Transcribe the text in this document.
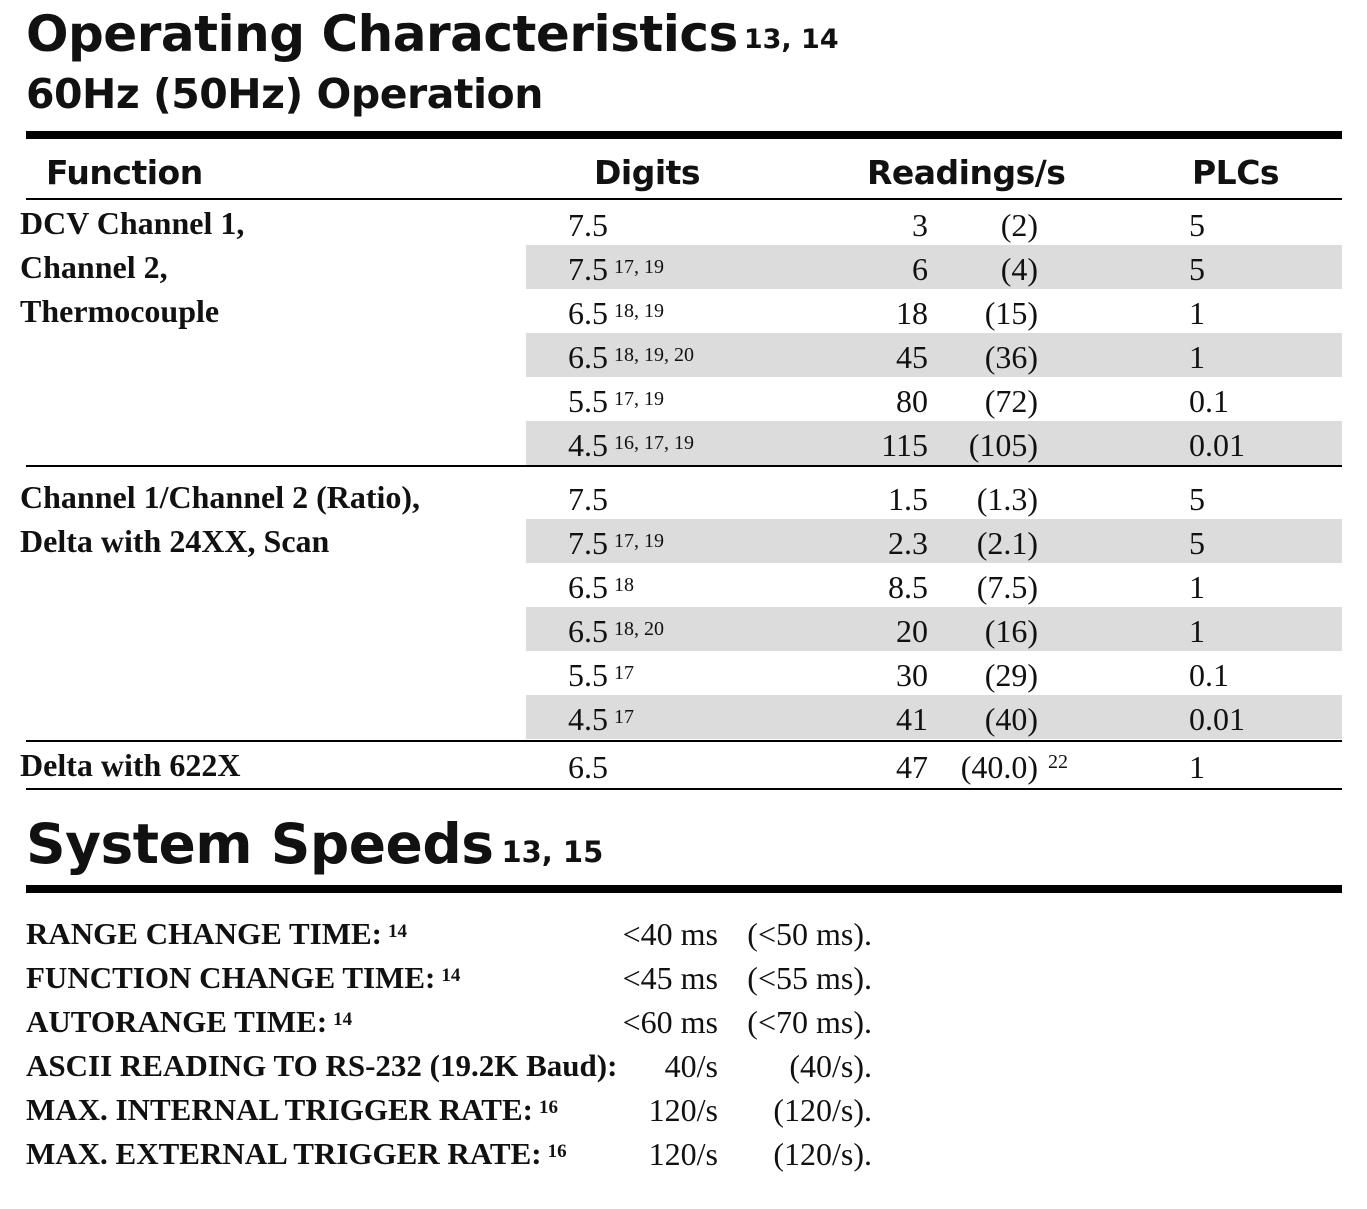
Operating Characteristics $^{13, 14}$
60Hz (50Hz) Operation
Function	Digits	Readings/s	PLCs
DCV Channel 1,
Channel 2,
Thermocouple
7.5	3 (2)	5
7.5 $^{17, 19}$	6 (4)	5
6.5 $^{18, 19}$	18 (15)	1
6.5 $^{18, 19, 20}$	45 (36)	1
5.5 $^{17, 19}$	80 (72)	0.1
4.5 $^{16, 17, 19}$	115 (105)	0.01
Channel 1/Channel 2 (Ratio),
Delta with 24XX, Scan
7.5	1.5 (1.3)	5
7.5 $^{17, 19}$	2.3 (2.1)	5
6.5 $^{18}$	8.5 (7.5)	1
6.5 $^{18, 20}$	20 (16)	1
5.5 $^{17}$	30 (29)	0.1
4.5 $^{17}$	41 (40)	0.01
Delta with 622X	6.5	47 (40.0)	1
22
System Speeds $^{13, 15}$
RANGE CHANGE TIME: $^{14}$	<40 ms (<50 ms).
FUNCTION CHANGE TIME: $^{14}$	<45 ms (<55 ms).
AUTORANGE TIME: $^{14}$	<60 ms (<70 ms).
ASCII READING TO RS-232 (19.2K Baud): 40/s (40/s).
MAX. INTERNAL TRIGGER RATE: $^{16}$	120/s (120/s).
MAX. EXTERNAL TRIGGER RATE: $^{16}$	120/s (120/s).
